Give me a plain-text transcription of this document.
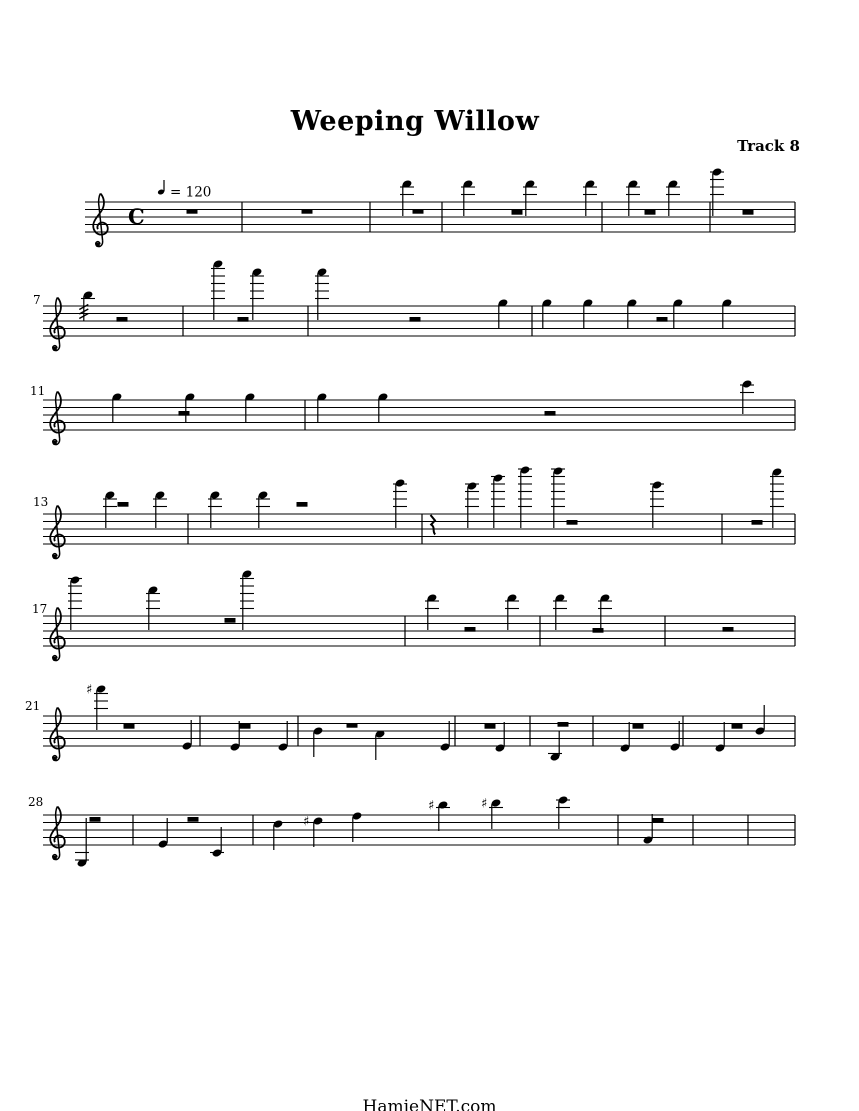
Weeping Willow
Track 8
C
= 120
7
11
13
17
21
♯
28
♯
♯	♯
HamieNET.com
